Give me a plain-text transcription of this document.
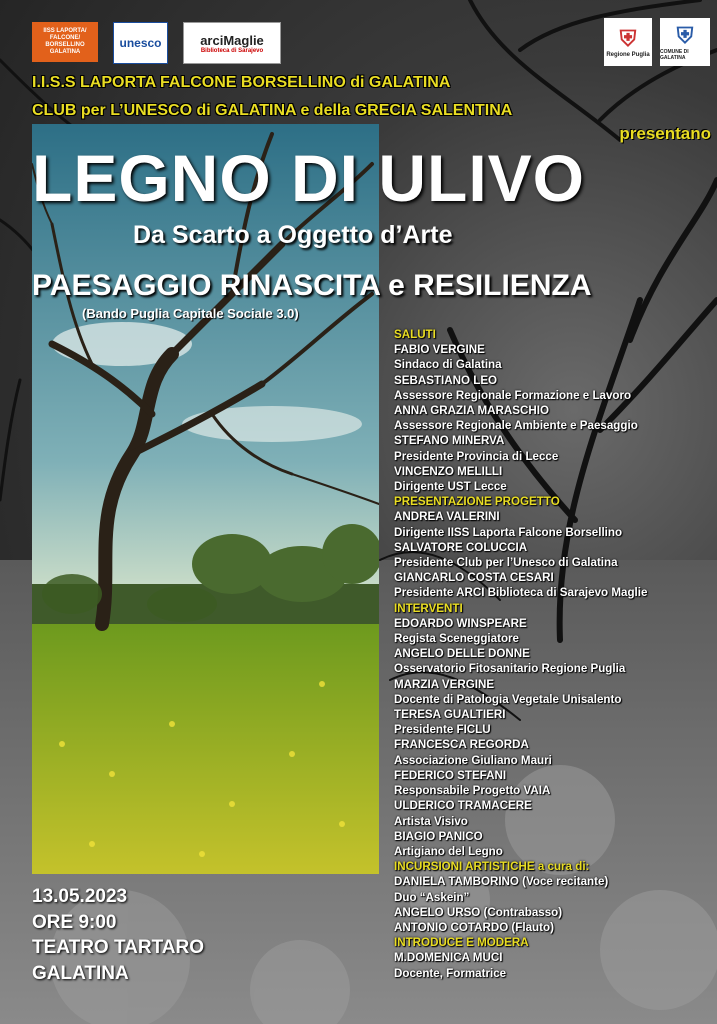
IISS LAPORTA/ FALCONE/ BORSELLINO GALATINA
unesco	arciMaglie
Biblioteca di Sarajevo	⛨
Regione Puglia
⛨
COMUNE DI GALATINA
I.I.S.S LAPORTA FALCONE BORSELLINO di GALATINA
CLUB per L’UNESCO di GALATINA e della GRECIA SALENTINA
presentano
LEGNO DI ULIVO
Da Scarto a Oggetto d’Arte
PAESAGGIO RINASCITA e RESILIENZA
(Bando Puglia Capitale Sociale 3.0)
SALUTI
FABIO VERGINE
Sindaco di Galatina
SEBASTIANO LEO
Assessore Regionale Formazione e Lavoro
ANNA GRAZIA MARASCHIO
Assessore Regionale Ambiente e Paesaggio
STEFANO MINERVA
Presidente Provincia di Lecce
VINCENZO MELILLI
Dirigente UST Lecce
PRESENTAZIONE PROGETTO
ANDREA VALERINI
Dirigente IISS Laporta Falcone Borsellino
SALVATORE COLUCCIA
Presidente Club per l’Unesco di Galatina
GIANCARLO COSTA CESARI
Presidente ARCI Biblioteca di Sarajevo Maglie
INTERVENTI
EDOARDO WINSPEARE
Regista Sceneggiatore
ANGELO DELLE DONNE
Osservatorio Fitosanitario Regione Puglia
MARZIA VERGINE
Docente di Patologia Vegetale Unisalento
TERESA GUALTIERI
Presidente FICLU
FRANCESCA REGORDA
Associazione Giuliano Mauri
FEDERICO STEFANI
Responsabile Progetto VAIA
ULDERICO TRAMACERE
Artista Visivo
BIAGIO PANICO
Artigiano del Legno
INCURSIONI ARTISTICHE a cura di:
DANIELA TAMBORINO (Voce recitante)
Duo “Askein”
ANGELO URSO (Contrabasso)
ANTONIO COTARDO (Flauto)
INTRODUCE E MODERA
M.DOMENICA MUCI
Docente, Formatrice
13.05.2023
ORE 9:00
TEATRO TARTARO
GALATINA
